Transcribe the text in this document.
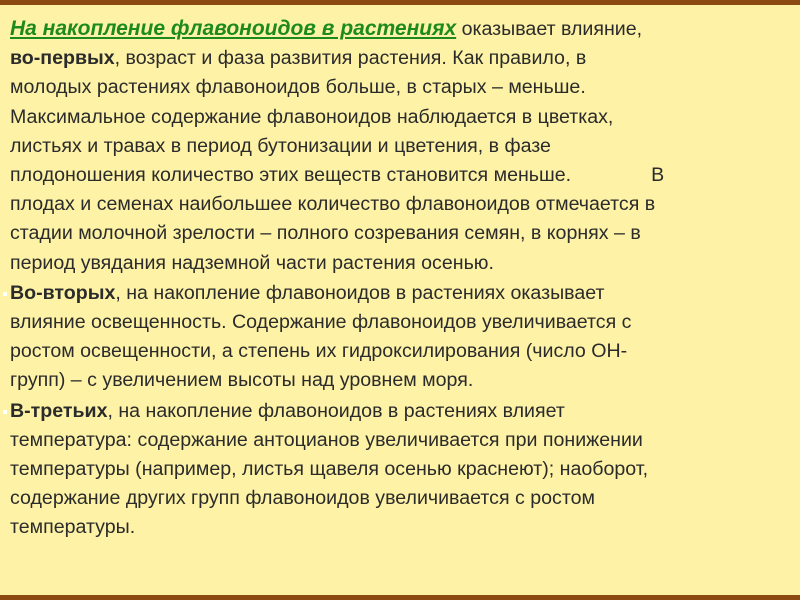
На накопление флавоноидов в растениях оказывает влияние,
во-первых, возраст и фаза развития растения. Как правило, в
молодых растениях флавоноидов больше, в старых – меньше.
Максимальное содержание флавоноидов наблюдается в цветках,
листьях и травах в период бутонизации и цветения, в фазе
плодоношения количество этих веществ становится меньше.	В
плодах и семенах наибольшее количество флавоноидов отмечается в
стадии молочной зрелости – полного созревания семян, в корнях – в
период увядания надземной части растения осенью.
Во-вторых, на накопление флавоноидов в растениях оказывает
влияние освещенность. Содержание флавоноидов увеличивается с
ростом освещенности, а степень их гидроксилирования (число OH-
групп) – с увеличением высоты над уровнем моря.
В-третьих, на накопление флавоноидов в растениях влияет
температура: содержание антоцианов увеличивается при понижении
температуры (например, листья щавеля осенью краснеют); наоборот,
содержание других групп флавоноидов увеличивается с ростом
температуры.
